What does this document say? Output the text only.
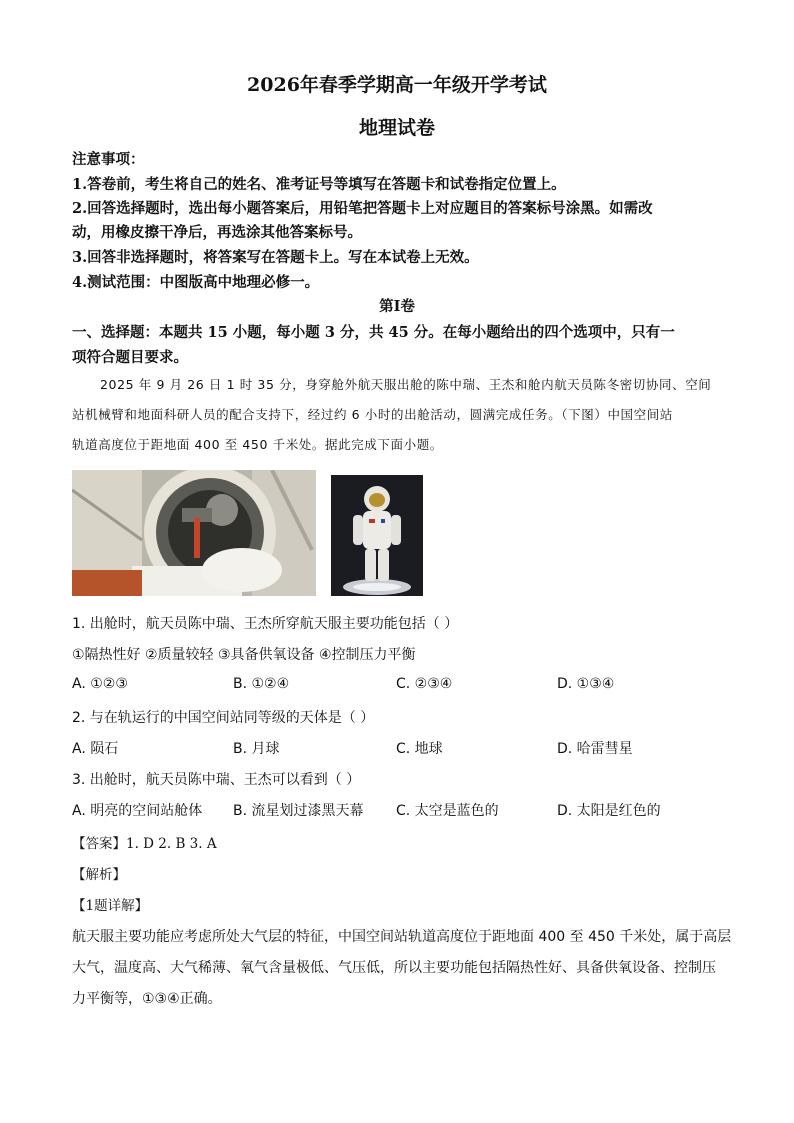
2026年春季学期高一年级开学考试
地理试卷
注意事项：
1.答卷前，考生将自己的姓名、准考证号等填写在答题卡和试卷指定位置上。
2.回答选择题时，选出每小题答案后，用铅笔把答题卡上对应题目的答案标号涂黑。如需改
动，用橡皮擦干净后，再选涂其他答案标号。
3.回答非选择题时，将答案写在答题卡上。写在本试卷上无效。
4.测试范围：中图版高中地理必修一。
第Ⅰ卷
一、选择题：本题共 15 小题，每小题 3 分，共 45 分。在每小题给出的四个选项中，只有一
项符合题目要求。
2025 年 9 月 26 日 1 时 35 分，身穿舱外航天服出舱的陈中瑞、王杰和舱内航天员陈冬密切协同、空间
站机械臂和地面科研人员的配合支持下，经过约 6 小时的出舱活动，圆满完成任务。（下图）中国空间站
轨道高度位于距地面 400 至 450 千米处。据此完成下面小题。
1. 出舱时，航天员陈中瑞、王杰所穿航天服主要功能包括（ ）
①隔热性好 ②质量较轻 ③具备供氧设备 ④控制压力平衡
A. ①②③	B. ①②④	C. ②③④	D. ①③④
2. 与在轨运行的中国空间站同等级的天体是（ ）
A. 陨石	B. 月球	C. 地球	D. 哈雷彗星
3. 出舱时，航天员陈中瑞、王杰可以看到（ ）
A. 明亮的空间站舱体 B. 流星划过漆黑天幕 C. 太空是蓝色的	D. 太阳是红色的
【答案】1. D 2. B 3. A
【解析】
【1题详解】
航天服主要功能应考虑所处大气层的特征，中国空间站轨道高度位于距地面 400 至 450 千米处，属于高层
大气，温度高、大气稀薄、氧气含量极低、气压低，所以主要功能包括隔热性好、具备供氧设备、控制压
力平衡等，①③④正确。
